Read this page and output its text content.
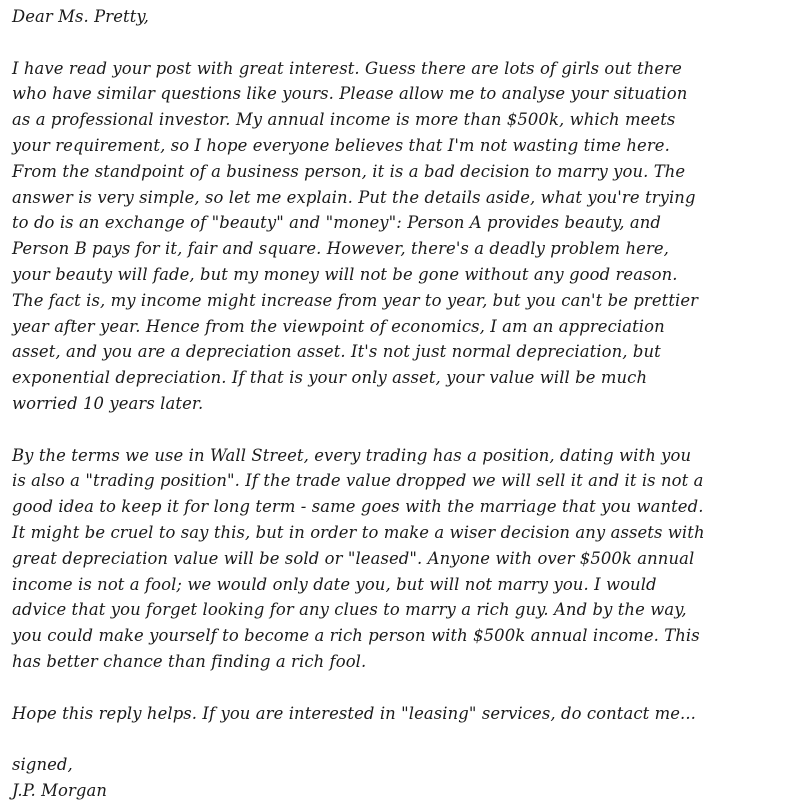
Dear Ms. Pretty,

I have read your post with great interest. Guess there are lots of girls out there
who have similar questions like yours. Please allow me to analyse your situation
as a professional investor. My annual income is more than $500k, which meets
your requirement, so I hope everyone believes that I'm not wasting time here.
From the standpoint of a business person, it is a bad decision to marry you. The
answer is very simple, so let me explain. Put the details aside, what you're trying
to do is an exchange of "beauty" and "money": Person A provides beauty, and
Person B pays for it, fair and square. However, there's a deadly problem here,
your beauty will fade, but my money will not be gone without any good reason.
The fact is, my income might increase from year to year, but you can't be prettier
year after year. Hence from the viewpoint of economics, I am an appreciation
asset, and you are a depreciation asset. It's not just normal depreciation, but
exponential depreciation. If that is your only asset, your value will be much
worried 10 years later.

By the terms we use in Wall Street, every trading has a position, dating with you
is also a "trading position". If the trade value dropped we will sell it and it is not a
good idea to keep it for long term - same goes with the marriage that you wanted.
It might be cruel to say this, but in order to make a wiser decision any assets with
great depreciation value will be sold or "leased". Anyone with over $500k annual
income is not a fool; we would only date you, but will not marry you. I would
advice that you forget looking for any clues to marry a rich guy. And by the way,
you could make yourself to become a rich person with $500k annual income. This
has better chance than finding a rich fool.

Hope this reply helps. If you are interested in "leasing" services, do contact me...

signed,

J.P. Morgan
